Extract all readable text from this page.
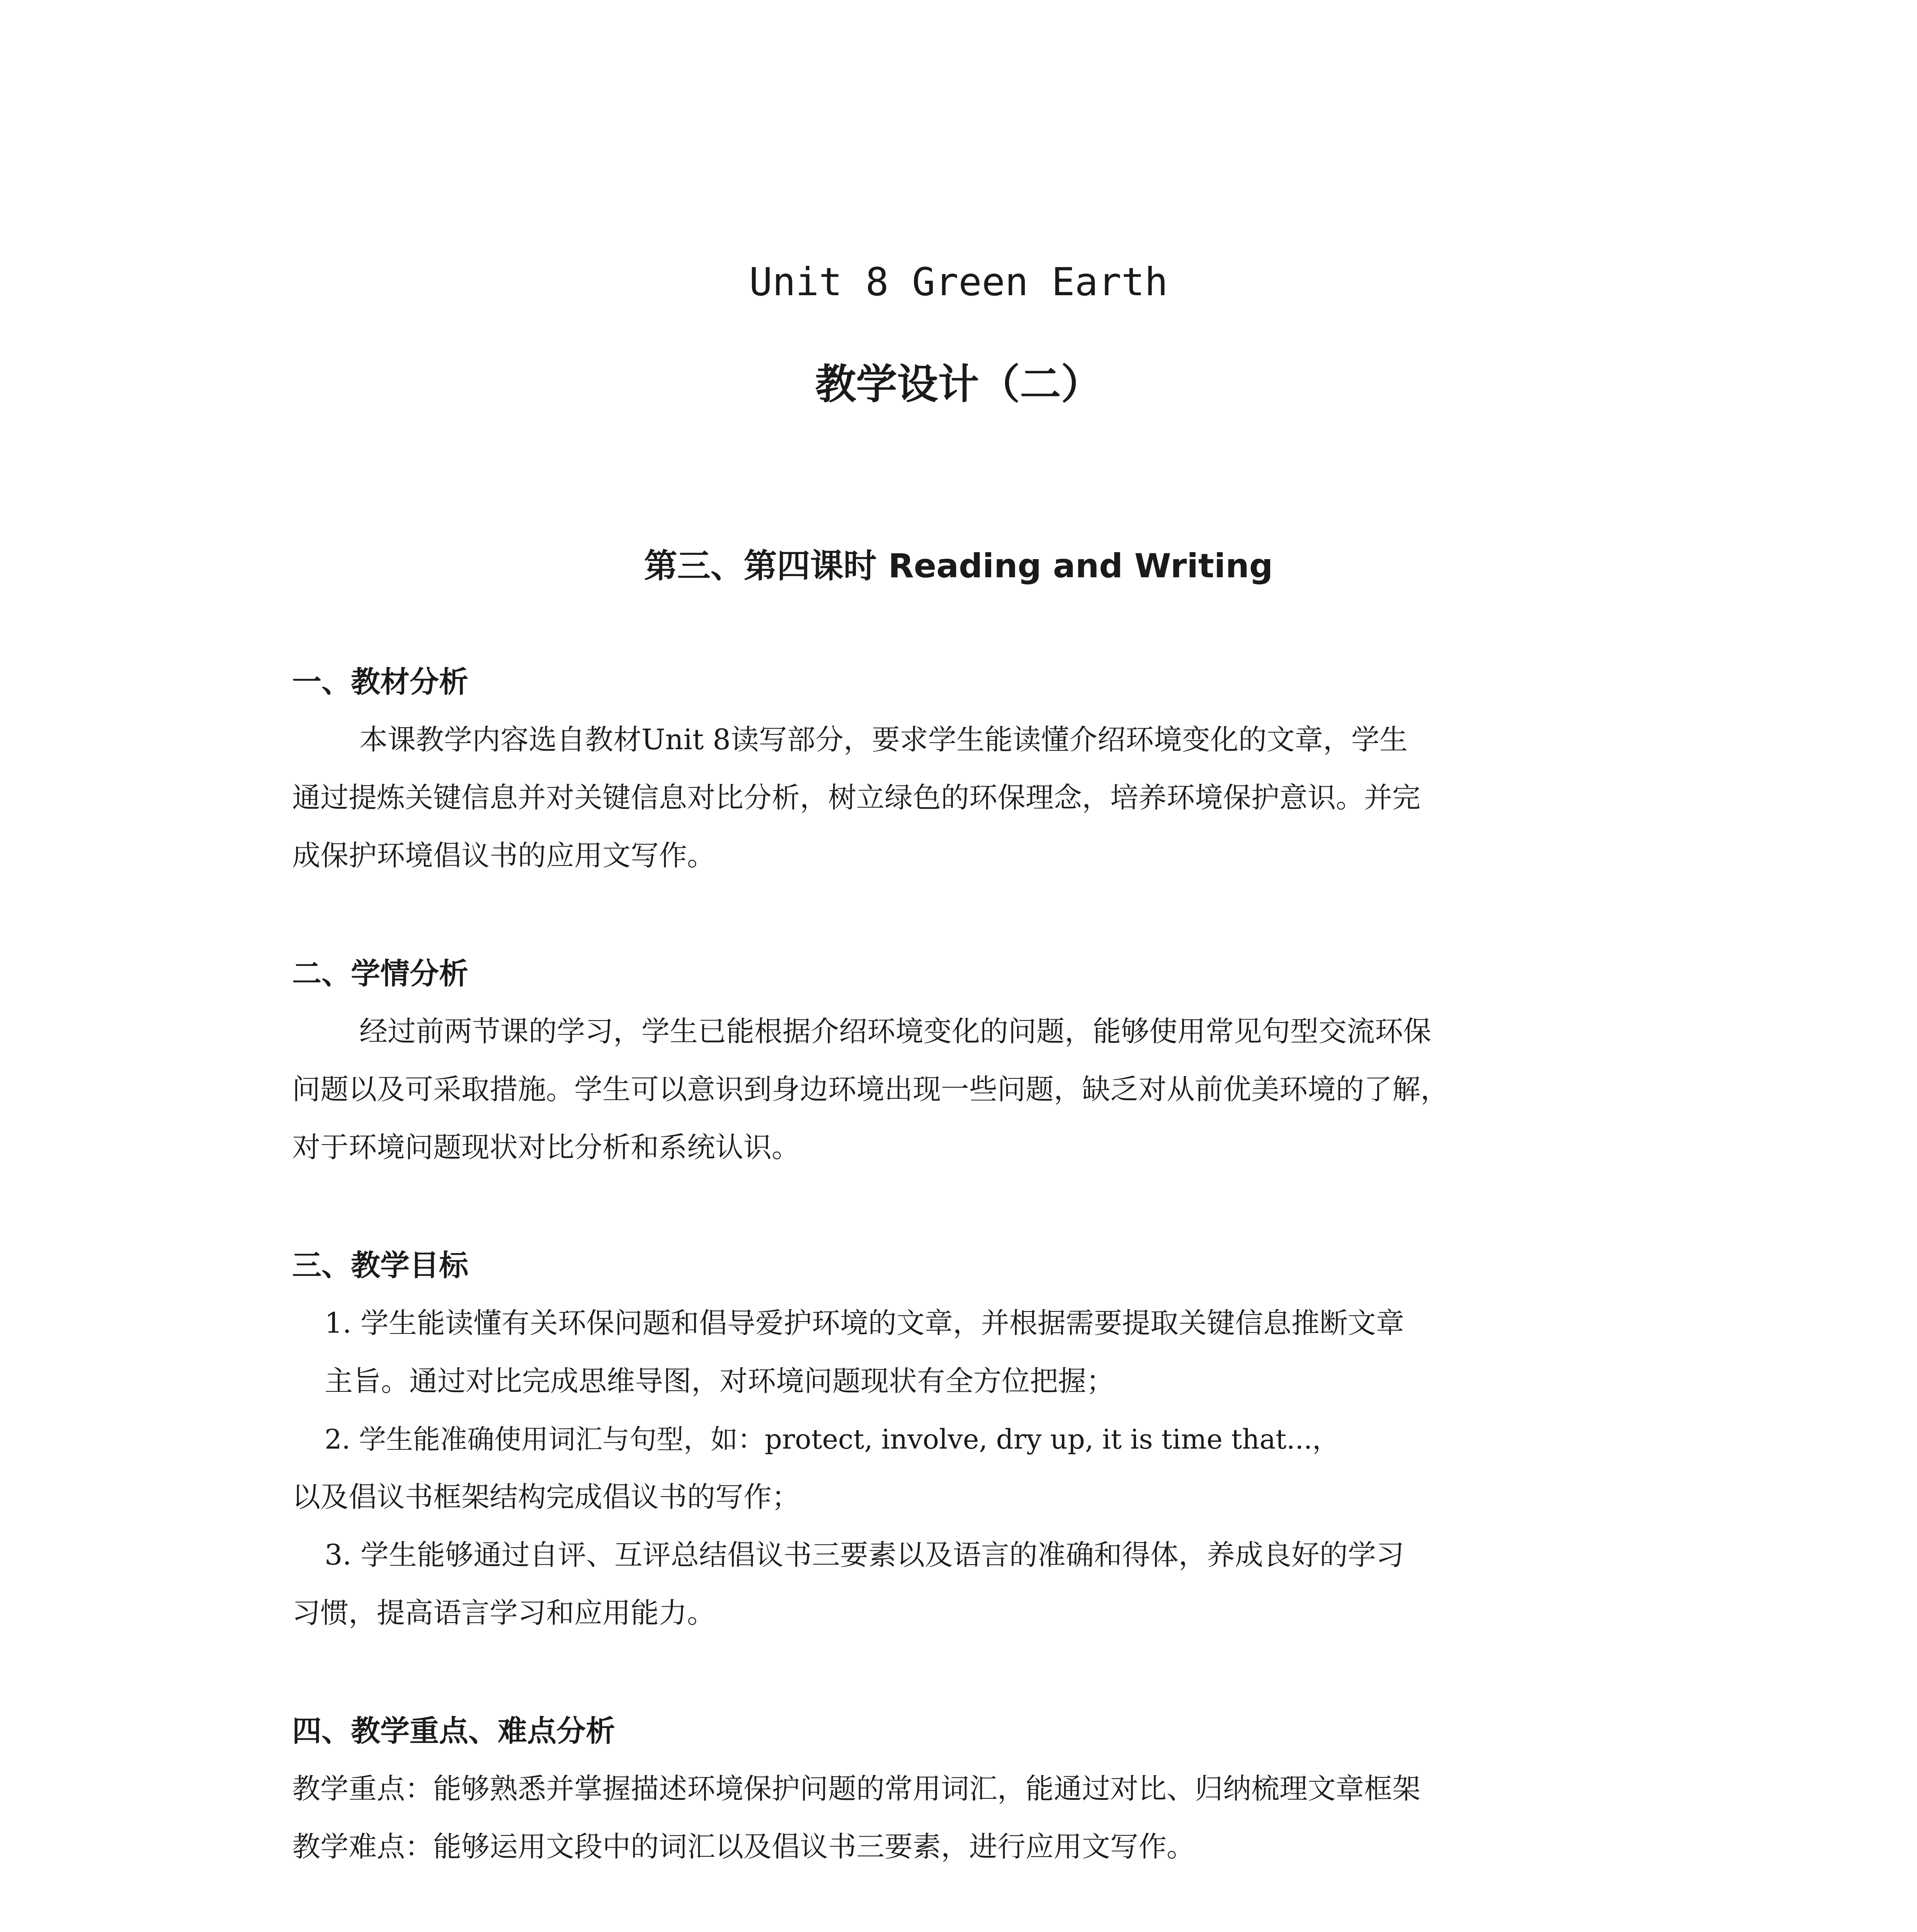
Unit 8 Green Earth
教学设计（二）
第三、第四课时 Reading and Writing
一、教材分析
本课教学内容选自教材Unit 8读写部分，要求学生能读懂介绍环境变化的文章，学生
通过提炼关键信息并对关键信息对比分析，树立绿色的环保理念，培养环境保护意识。并完
成保护环境倡议书的应用文写作。
二、学情分析
经过前两节课的学习，学生已能根据介绍环境变化的问题，能够使用常见句型交流环保
问题以及可采取措施。学生可以意识到身边环境出现一些问题，缺乏对从前优美环境的了解，
对于环境问题现状对比分析和系统认识。
三、教学目标
1. 学生能读懂有关环保问题和倡导爱护环境的文章，并根据需要提取关键信息推断文章
主旨。通过对比完成思维导图，对环境问题现状有全方位把握；
2. 学生能准确使用词汇与句型，如：protect, involve, dry up, it is time that...，
以及倡议书框架结构完成倡议书的写作；
3. 学生能够通过自评、互评总结倡议书三要素以及语言的准确和得体，养成良好的学习
习惯，提高语言学习和应用能力。
四、教学重点、难点分析
教学重点：能够熟悉并掌握描述环境保护问题的常用词汇，能通过对比、归纳梳理文章框架
教学难点：能够运用文段中的词汇以及倡议书三要素，进行应用文写作。
